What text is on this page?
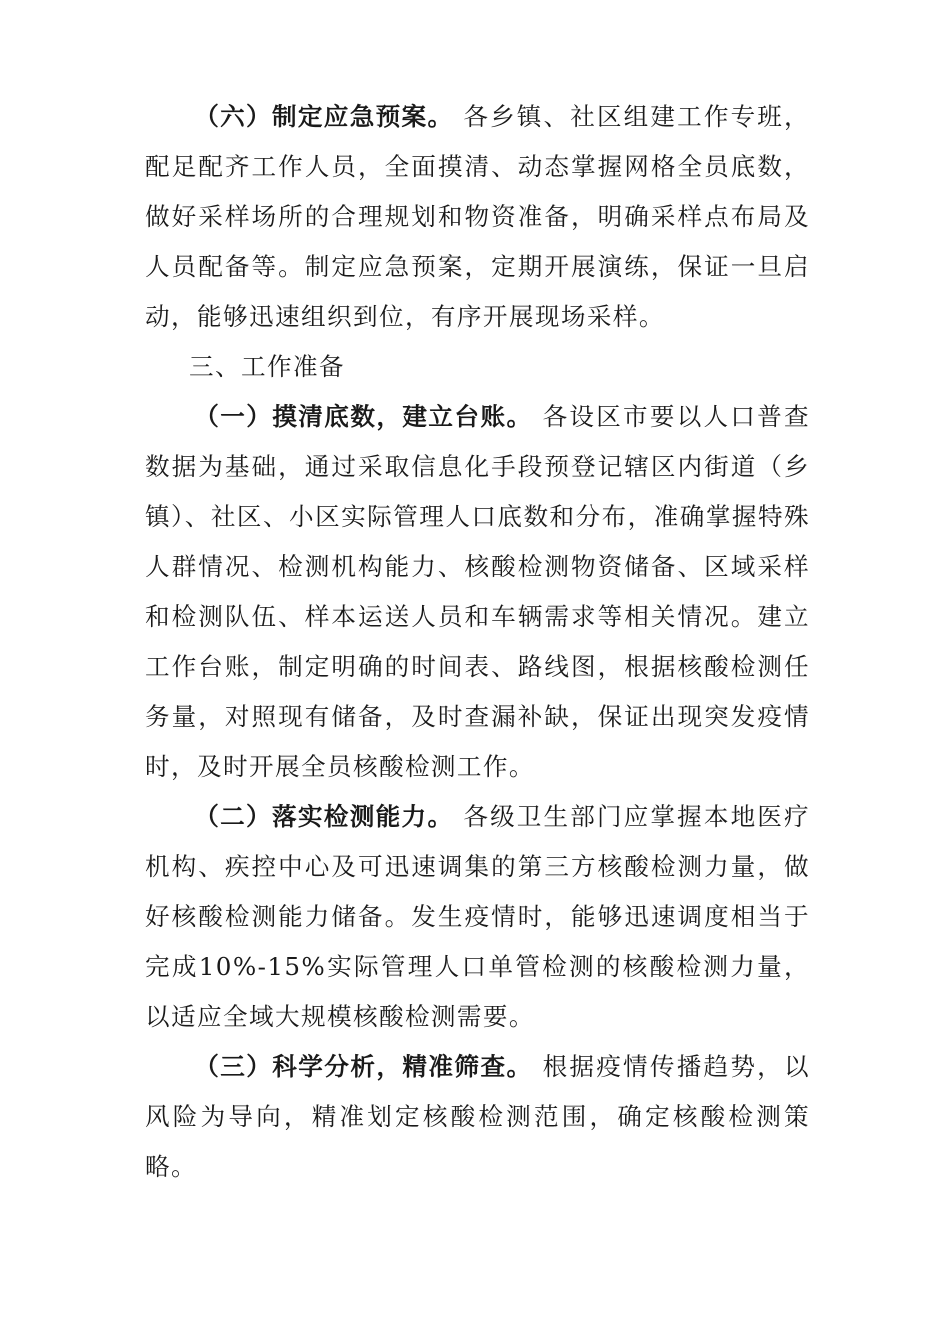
（六）制定应急预案。 各乡镇、社区组建工作专班，配足配齐工作人员，全面摸清、动态掌握网格全员底数，做好采样场所的合理规划和物资准备，明确采样点布局及人员配备等。制定应急预案，定期开展演练，保证一旦启动，能够迅速组织到位，有序开展现场采样。

三、工作准备

（一）摸清底数，建立台账。 各设区市要以人口普查数据为基础，通过采取信息化手段预登记辖区内街道（乡镇）、社区、小区实际管理人口底数和分布，准确掌握特殊人群情况、检测机构能力、核酸检测物资储备、区域采样和检测队伍、样本运送人员和车辆需求等相关情况。建立工作台账，制定明确的时间表、路线图，根据核酸检测任务量，对照现有储备，及时查漏补缺，保证出现突发疫情时，及时开展全员核酸检测工作。

（二）落实检测能力。 各级卫生部门应掌握本地医疗机构、疾控中心及可迅速调集的第三方核酸检测力量，做好核酸检测能力储备。发生疫情时，能够迅速调度相当于完成10%-15%实际管理人口单管检测的核酸检测力量，以适应全域大规模核酸检测需要。

（三）科学分析，精准筛查。 根据疫情传播趋势，以风险为导向，精准划定核酸检测范围，确定核酸检测策略。
